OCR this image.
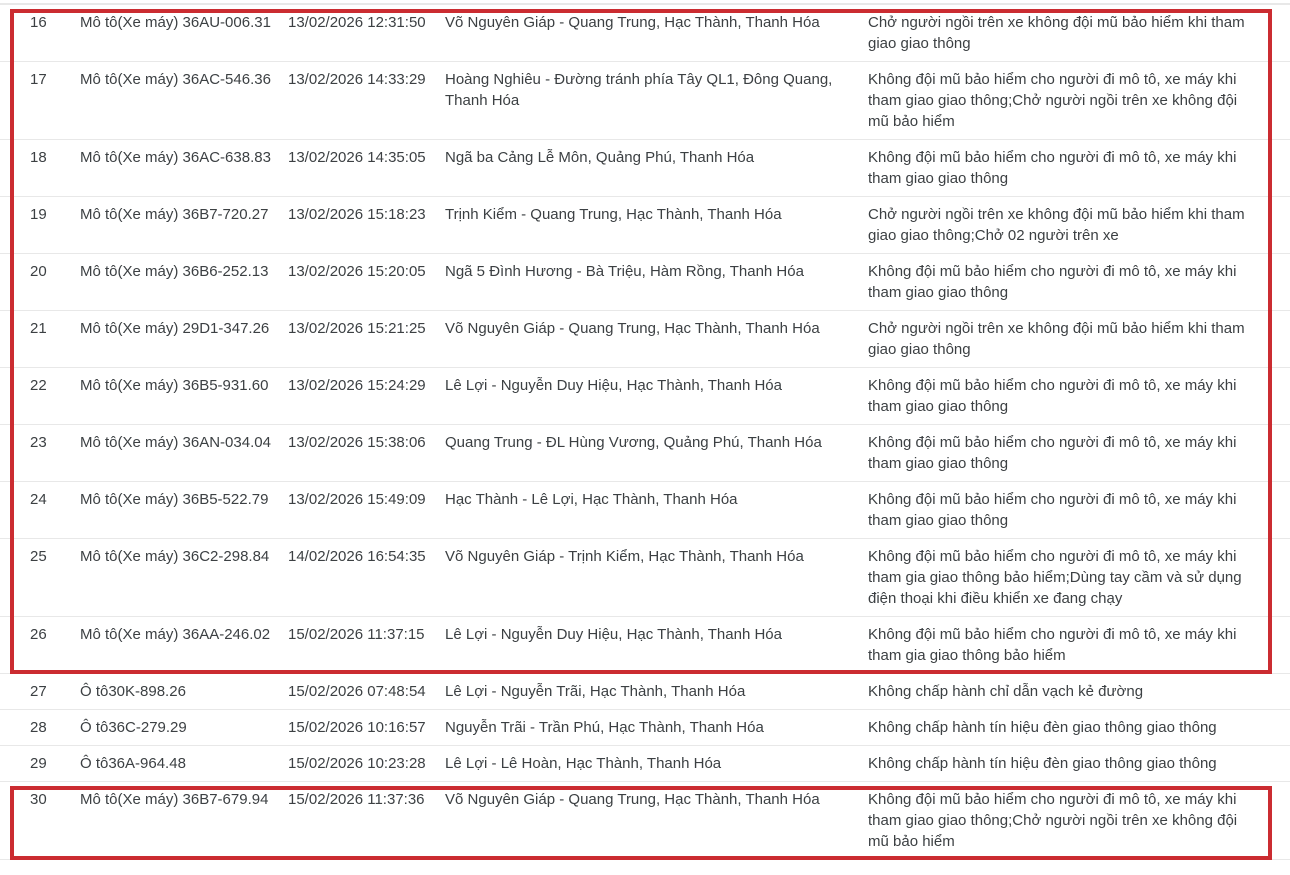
16	Mô tô(Xe máy) 36AU-006.31	13/02/2026 12:31:50	Võ Nguyên Giáp - Quang Trung, Hạc Thành, Thanh Hóa	Chở người ngồi trên xe không đội mũ bảo hiểm khi tham giao giao thông
17	Mô tô(Xe máy) 36AC-546.36	13/02/2026 14:33:29	Hoàng Nghiêu - Đường tránh phía Tây QL1, Đông Quang, Thanh Hóa	Không đội mũ bảo hiểm cho người đi mô tô, xe máy khi tham giao giao thông;Chở người ngồi trên xe không đội mũ bảo hiểm
18	Mô tô(Xe máy) 36AC-638.83	13/02/2026 14:35:05	Ngã ba Cảng Lễ Môn, Quảng Phú, Thanh Hóa	Không đội mũ bảo hiểm cho người đi mô tô, xe máy khi tham giao giao thông
19	Mô tô(Xe máy) 36B7-720.27	13/02/2026 15:18:23	Trịnh Kiểm - Quang Trung, Hạc Thành, Thanh Hóa	Chở người ngồi trên xe không đội mũ bảo hiểm khi tham giao giao thông;Chở 02 người trên xe
20	Mô tô(Xe máy) 36B6-252.13	13/02/2026 15:20:05	Ngã 5 Đình Hương - Bà Triệu, Hàm Rồng, Thanh Hóa	Không đội mũ bảo hiểm cho người đi mô tô, xe máy khi tham giao giao thông
21	Mô tô(Xe máy) 29D1-347.26	13/02/2026 15:21:25	Võ Nguyên Giáp - Quang Trung, Hạc Thành, Thanh Hóa	Chở người ngồi trên xe không đội mũ bảo hiểm khi tham giao giao thông
22	Mô tô(Xe máy) 36B5-931.60	13/02/2026 15:24:29	Lê Lợi - Nguyễn Duy Hiệu, Hạc Thành, Thanh Hóa	Không đội mũ bảo hiểm cho người đi mô tô, xe máy khi tham giao giao thông
23	Mô tô(Xe máy) 36AN-034.04	13/02/2026 15:38:06	Quang Trung - ĐL Hùng Vương, Quảng Phú, Thanh Hóa	Không đội mũ bảo hiểm cho người đi mô tô, xe máy khi tham giao giao thông
24	Mô tô(Xe máy) 36B5-522.79	13/02/2026 15:49:09	Hạc Thành - Lê Lợi, Hạc Thành, Thanh Hóa	Không đội mũ bảo hiểm cho người đi mô tô, xe máy khi tham giao giao thông
25	Mô tô(Xe máy) 36C2-298.84	14/02/2026 16:54:35	Võ Nguyên Giáp - Trịnh Kiểm, Hạc Thành, Thanh Hóa	Không đội mũ bảo hiểm cho người đi mô tô, xe máy khi tham gia giao thông bảo hiểm;Dùng tay cầm và sử dụng điện thoại khi điều khiển xe đang chạy
26	Mô tô(Xe máy) 36AA-246.02	15/02/2026 11:37:15	Lê Lợi - Nguyễn Duy Hiệu, Hạc Thành, Thanh Hóa	Không đội mũ bảo hiểm cho người đi mô tô, xe máy khi tham gia giao thông bảo hiểm
27	Ô tô30K-898.26	15/02/2026 07:48:54	Lê Lợi - Nguyễn Trãi, Hạc Thành, Thanh Hóa	Không chấp hành chỉ dẫn vạch kẻ đường
28	Ô tô36C-279.29	15/02/2026 10:16:57	Nguyễn Trãi - Trần Phú, Hạc Thành, Thanh Hóa	Không chấp hành tín hiệu đèn giao thông giao thông
29	Ô tô36A-964.48	15/02/2026 10:23:28	Lê Lợi - Lê Hoàn, Hạc Thành, Thanh Hóa	Không chấp hành tín hiệu đèn giao thông giao thông
30	Mô tô(Xe máy) 36B7-679.94	15/02/2026 11:37:36	Võ Nguyên Giáp - Quang Trung, Hạc Thành, Thanh Hóa	Không đội mũ bảo hiểm cho người đi mô tô, xe máy khi tham giao giao thông;Chở người ngồi trên xe không đội mũ bảo hiểm
